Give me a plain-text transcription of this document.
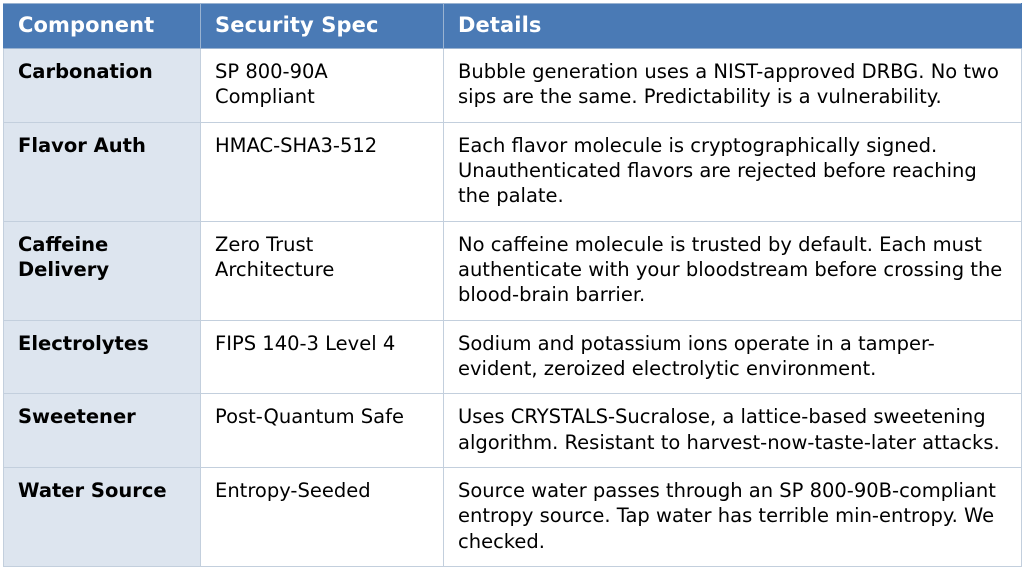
Component	Security Spec	Details
Carbonation	SP 800-90A Compliant	Bubble generation uses a NIST-approved DRBG. No two sips are the same. Predictability is a vulnerability.
Flavor Auth	HMAC-SHA3-512	Each flavor molecule is cryptographically signed. Unauthenticated flavors are rejected before reaching the palate.
Caffeine Delivery	Zero Trust Architecture	No caffeine molecule is trusted by default. Each must authenticate with your bloodstream before crossing the blood-brain barrier.
Electrolytes	FIPS 140-3 Level 4	Sodium and potassium ions operate in a tamper-evident, zeroized electrolytic environment.
Sweetener	Post-Quantum Safe	Uses CRYSTALS-Sucralose, a lattice-based sweetening algorithm. Resistant to harvest-now-taste-later attacks.
Water Source	Entropy-Seeded	Source water passes through an SP 800-90B-compliant entropy source. Tap water has terrible min-entropy. We checked.
